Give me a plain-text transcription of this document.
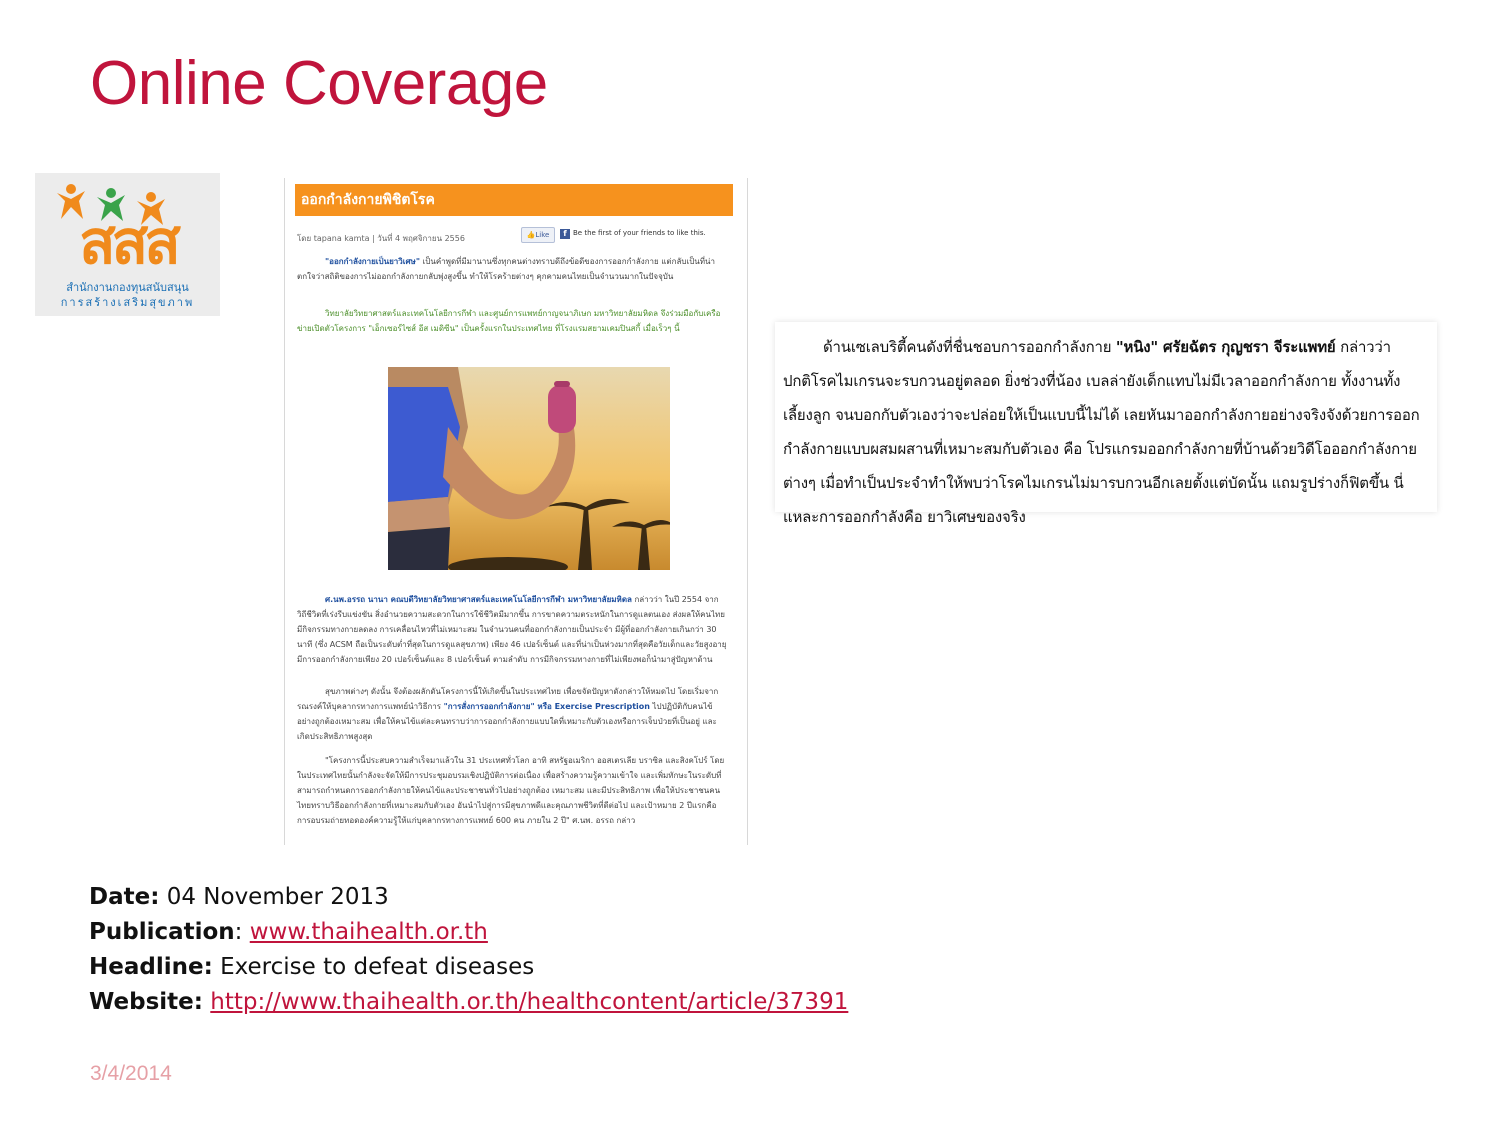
Online Coverage
สสส
สำนักงานกองทุนสนับสนุน
การสร้างเสริมสุขภาพ
ออกกำลังกายพิชิตโรค
โดย tapana kamta | วันที่ 4 พฤศจิกายน 2556	👍Like	f Be the first of your friends to like this.
"ออกกำลังกายเป็นยาวิเศษ" เป็นคำพูดที่มีมานานซึ่งทุกคนต่างทราบดีถึงข้อดีของการออกกำลังกาย แต่กลับเป็นที่น่าตกใจว่าสถิติของการไม่ออกกำลังกายกลับพุ่งสูงขึ้น ทำให้โรคร้ายต่างๆ คุกคามคนไทยเป็นจำนวนมากในปัจจุบัน
วิทยาลัยวิทยาศาสตร์และเทคโนโลยีการกีฬา และศูนย์การแพทย์กาญจนาภิเษก มหาวิทยาลัยมหิดล จึงร่วมมือกับเครือข่ายเปิดตัวโครงการ "เอ็กเซอร์ไซส์ อีส เมดิซีน" เป็นครั้งแรกในประเทศไทย ที่โรงแรมสยามเคมปินสกี้ เมื่อเร็วๆ นี้
ศ.นพ.อรรถ นานา คณบดีวิทยาลัยวิทยาศาสตร์และเทคโนโลยีการกีฬา มหาวิทยาลัยมหิดล กล่าวว่า ในปี 2554 จากวิถีชีวิตที่เร่งรีบแข่งขัน สิ่งอำนวยความสะดวกในการใช้ชีวิตมีมากขึ้น การขาดความตระหนักในการดูแลตนเอง ส่งผลให้คนไทยมีกิจกรรมทางกายลดลง การเคลื่อนไหวที่ไม่เหมาะสม ในจำนวนคนที่ออกกำลังกายเป็นประจำ มีผู้ที่ออกกำลังกายเกินกว่า 30 นาที (ซึ่ง ACSM ถือเป็นระดับต่ำที่สุดในการดูแลสุขภาพ) เพียง 46 เปอร์เซ็นต์ และที่น่าเป็นห่วงมากที่สุดคือวัยเด็กและวัยสูงอายุมีการออกกำลังกายเพียง 20 เปอร์เซ็นต์และ 8 เปอร์เซ็นต์ ตามลำดับ การมีกิจกรรมทางกายที่ไม่เพียงพอก็นำมาสู่ปัญหาด้าน
สุขภาพต่างๆ ดังนั้น จึงต้องผลักดันโครงการนี้ให้เกิดขึ้นในประเทศไทย เพื่อขจัดปัญหาดังกล่าวให้หมดไป โดยเริ่มจากรณรงค์ให้บุคลากรทางการแพทย์นำวิธีการ "การสั่งการออกกำลังกาย" หรือ Exercise Prescription ไปปฏิบัติกับคนไข้อย่างถูกต้องเหมาะสม เพื่อให้คนไข้แต่ละคนทราบว่าการออกกำลังกายแบบใดที่เหมาะกับตัวเองหรือการเจ็บป่วยที่เป็นอยู่ และเกิดประสิทธิภาพสูงสุด
"โครงการนี้ประสบความสำเร็จมาแล้วใน 31 ประเทศทั่วโลก อาทิ สหรัฐอเมริกา ออสเตรเลีย บราซิล และสิงคโปร์ โดยในประเทศไทยนั้นกำลังจะจัดให้มีการประชุมอบรมเชิงปฏิบัติการต่อเนื่อง เพื่อสร้างความรู้ความเข้าใจ และเพิ่มทักษะในระดับที่สามารถกำหนดการออกกำลังกายให้คนไข้และประชาชนทั่วไปอย่างถูกต้อง เหมาะสม และมีประสิทธิภาพ เพื่อให้ประชาชนคนไทยทราบวิธีออกกำลังกายที่เหมาะสมกับตัวเอง อันนำไปสู่การมีสุขภาพดีและคุณภาพชีวิตที่ดีต่อไป และเป้าหมาย 2 ปีแรกคือ การอบรมถ่ายทอดองค์ความรู้ให้แก่บุคลากรทางการแพทย์ 600 คน ภายใน 2 ปี" ศ.นพ. อรรถ กล่าว

ด้านเซเลบริตี้คนดังที่ชื่นชอบการออกกำลังกาย "หนิง" ศรัยฉัตร กุญชรา จีระแพทย์ กล่าวว่า ปกติโรคไมเกรนจะรบกวนอยู่ตลอด ยิ่งช่วงที่น้อง เบลล่ายังเด็กแทบไม่มีเวลาออกกำลังกาย ทั้งงานทั้งเลี้ยงลูก จนบอกกับตัวเองว่าจะปล่อยให้เป็นแบบนี้ไม่ได้ เลยหันมาออกกำลังกายอย่างจริงจังด้วยการออกกำลังกายแบบผสมผสานที่เหมาะสมกับตัวเอง คือ โปรแกรมออกกำลังกายที่บ้านด้วยวิดีโอออกกำลังกายต่างๆ เมื่อทำเป็นประจำทำให้พบว่าโรคไมเกรนไม่มารบกวนอีกเลยตั้งแต่บัดนั้น แถมรูปร่างก็ฟิตขึ้น นี่แหละการออกกำลังคือ ยาวิเศษของจริง

Date: 04 November 2013
Publication: www.thaihealth.or.th
Headline: Exercise to defeat diseases
Website: http://www.thaihealth.or.th/healthcontent/article/37391
3/4/2014
